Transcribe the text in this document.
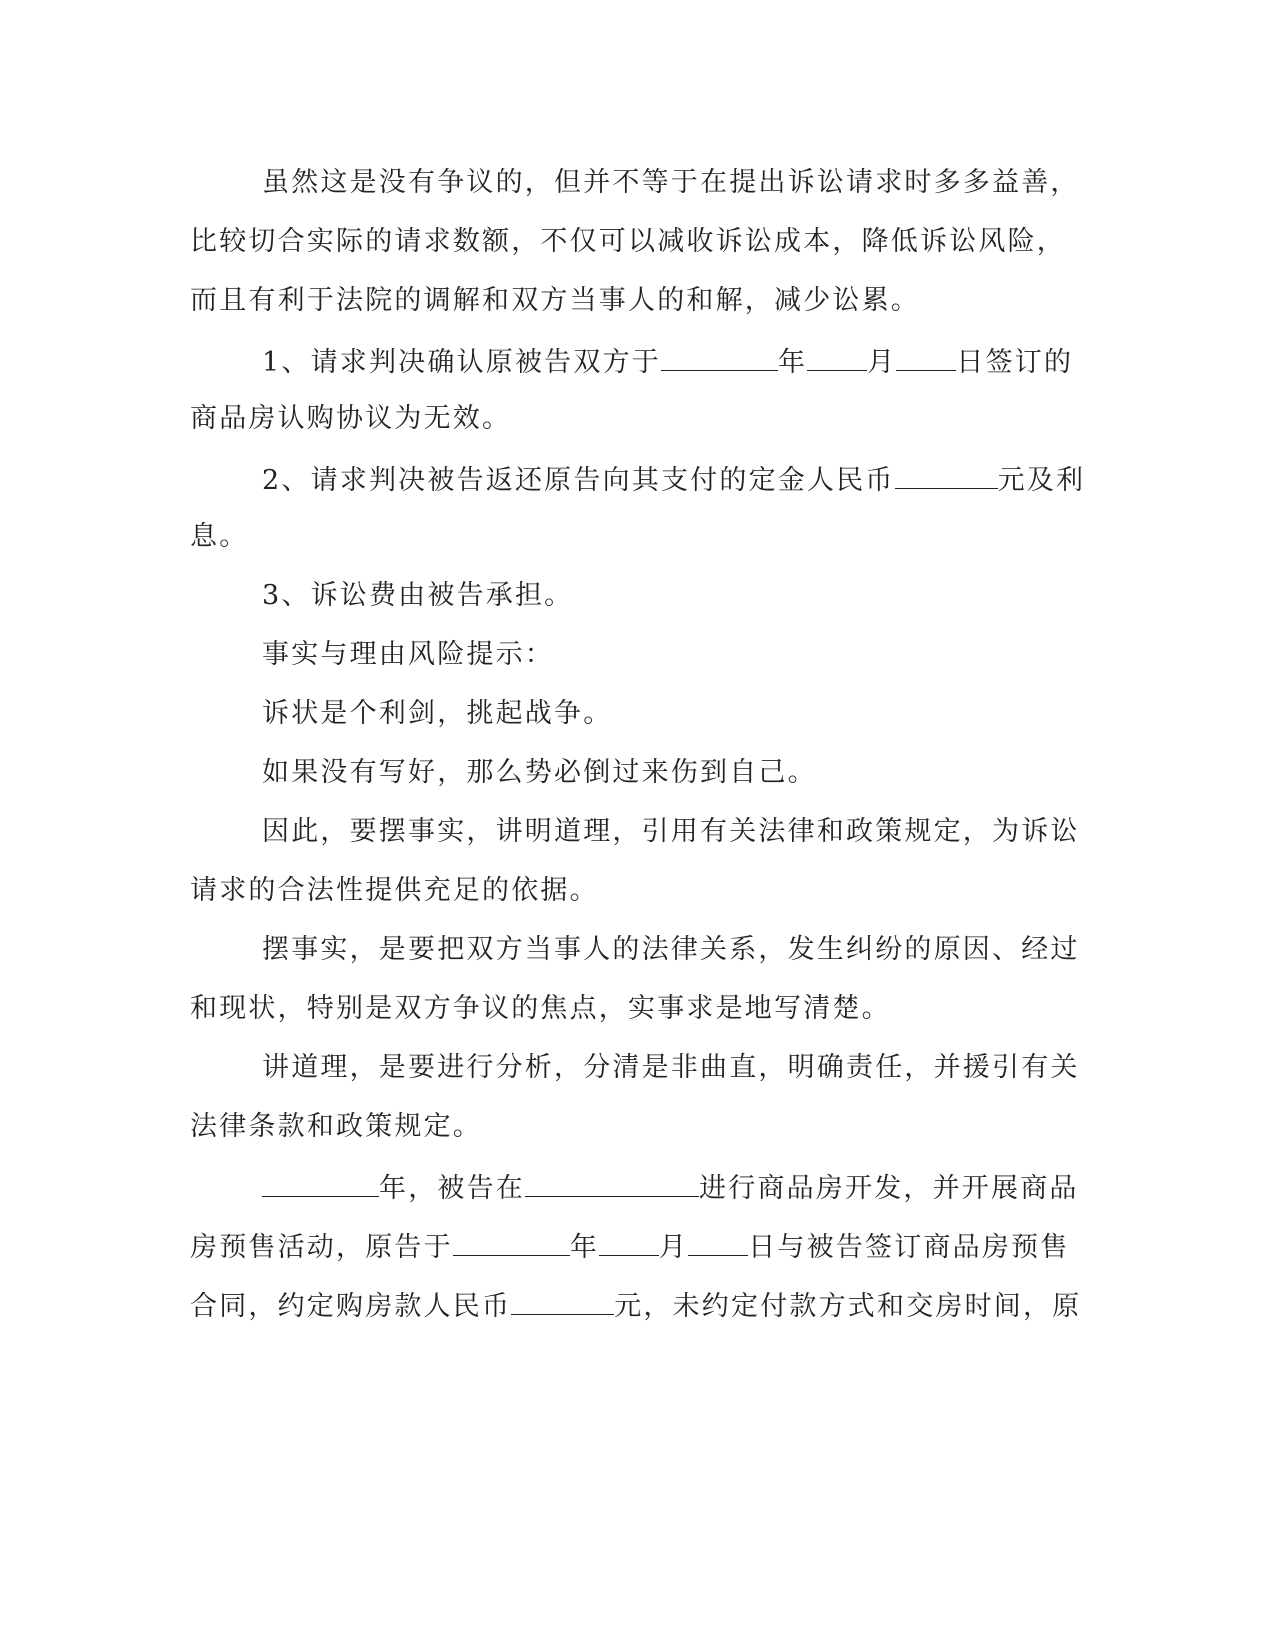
虽然这是没有争议的，但并不等于在提出诉讼请求时多多益善，
比较切合实际的请求数额，不仅可以减收诉讼成本，降低诉讼风险，
而且有利于法院的调解和双方当事人的和解，减少讼累。
1、请求判决确认原被告双方于	年 月 日签订的
商品房认购协议为无效。
2、请求判决被告返还原告向其支付的定金人民币	元及利
息。
3、诉讼费由被告承担。
事实与理由风险提示：
诉状是个利剑，挑起战争。
如果没有写好，那么势必倒过来伤到自己。
因此，要摆事实，讲明道理，引用有关法律和政策规定，为诉讼
请求的合法性提供充足的依据。
摆事实，是要把双方当事人的法律关系，发生纠纷的原因、经过
和现状，特别是双方争议的焦点，实事求是地写清楚。
讲道理，是要进行分析，分清是非曲直，明确责任，并援引有关
法律条款和政策规定。
年，被告在	进行商品房开发，并开展商品
房预售活动，原告于	年 月 日与被告签订商品房预售
合同，约定购房款人民币	元，未约定付款方式和交房时间，原
